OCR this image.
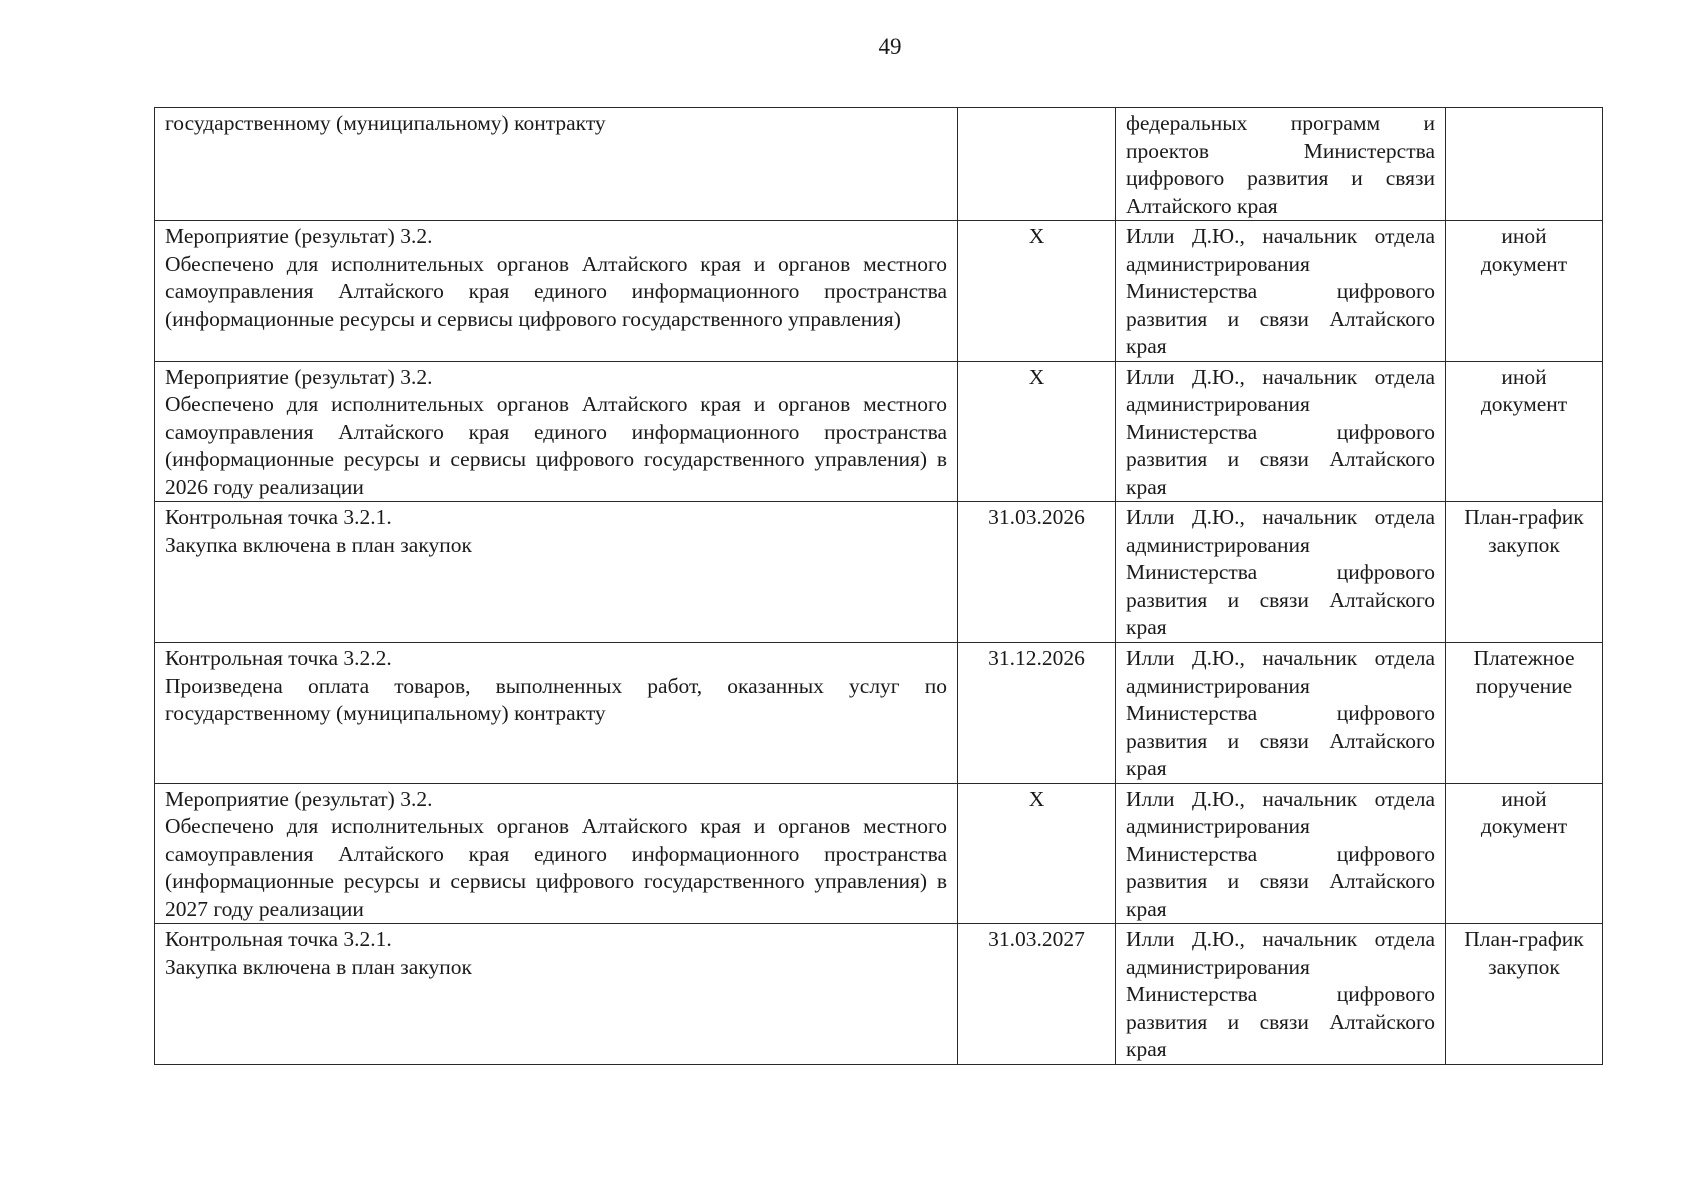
49
государственному (муниципальному) контракту		федеральных программ и проектов Министерства цифрового развития и связи Алтайского края	

Мероприятие (результат) 3.2.
Обеспечено для исполнительных органов Алтайского края и органов местного самоуправления Алтайского края единого информационного пространства (информационные ресурсы и сервисы цифрового государственного управления)	X	Илли Д.Ю., начальник отдела администрирования Министерства цифрового развития и связи Алтайского края	иной документ

Мероприятие (результат) 3.2.
Обеспечено для исполнительных органов Алтайского края и органов местного самоуправления Алтайского края единого информационного пространства (информационные ресурсы и сервисы цифрового государственного управления) в 2026 году реализации	X	Илли Д.Ю., начальник отдела администрирования Министерства цифрового развития и связи Алтайского края	иной документ

Контрольная точка 3.2.1.
Закупка включена в план закупок	31.03.2026	Илли Д.Ю., начальник отдела администрирования Министерства цифрового развития и связи Алтайского края	План-график закупок

Контрольная точка 3.2.2.
Произведена оплата товаров, выполненных работ, оказанных услуг по государственному (муниципальному) контракту	31.12.2026	Илли Д.Ю., начальник отдела администрирования Министерства цифрового развития и связи Алтайского края	Платежное поручение

Мероприятие (результат) 3.2.
Обеспечено для исполнительных органов Алтайского края и органов местного самоуправления Алтайского края единого информационного пространства (информационные ресурсы и сервисы цифрового государственного управления) в 2027 году реализации	X	Илли Д.Ю., начальник отдела администрирования Министерства цифрового развития и связи Алтайского края	иной документ

Контрольная точка 3.2.1.
Закупка включена в план закупок	31.03.2027	Илли Д.Ю., начальник отдела администрирования Министерства цифрового развития и связи Алтайского края	План-график закупок
